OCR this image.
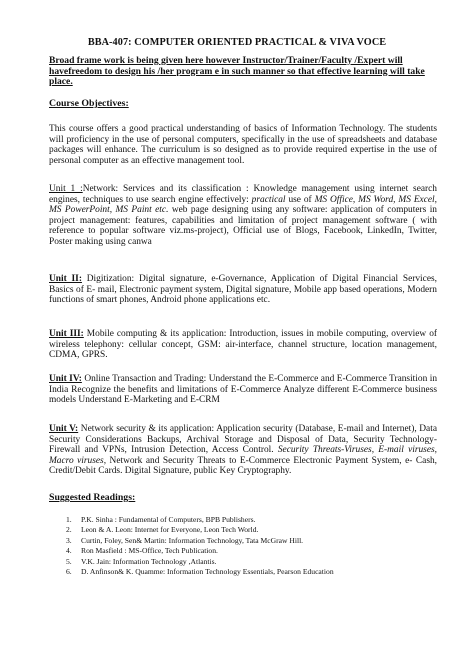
BBA-407: COMPUTER ORIENTED PRACTICAL & VIVA VOCE
Broad frame work is being given here however Instructor/Trainer/Faculty /Expert will havefreedom to design his /her program e in such manner so that effective learning will take place.
Course Objectives:
This course offers a good practical understanding of basics of Information Technology. The students will proficiency in the use of personal computers, specifically in the use of spreadsheets and database packages will enhance. The curriculum is so designed as to provide required expertise in the use of personal computer as an effective management tool.
Unit 1 :Network: Services and its classification : Knowledge management using internet search engines, techniques to use search engine effectively: practical use of MS Office, MS Word, MS Excel, MS PowerPoint, MS Paint etc. web page designing using any software: application of computers in project management: features, capabilities and limitation of project management software ( with reference to popular software viz.ms-project), Official use of Blogs, Facebook, LinkedIn, Twitter, Poster making using canwa
Unit II: Digitization: Digital signature, e-Governance, Application of Digital Financial Services, Basics of E- mail, Electronic payment system, Digital signature, Mobile app based operations, Modern functions of smart phones, Android phone applications etc.
Unit III: Mobile computing & its application: Introduction, issues in mobile computing, overview of wireless telephony: cellular concept, GSM: air-interface, channel structure, location management, CDMA, GPRS.
Unit IV: Online Transaction and Trading: Understand the E-Commerce and E-Commerce Transition in India Recognize the benefits and limitations of E-Commerce Analyze different E-Commerce business models Understand E-Marketing and E-CRM
Unit V: Network security & its application: Application security (Database, E-mail and Internet), Data Security Considerations Backups, Archival Storage and Disposal of Data, Security Technology- Firewall and VPNs, Intrusion Detection, Access Control. Security Threats-Viruses, E-mail viruses, Macro viruses, Network and Security Threats to E-Commerce Electronic Payment System, e- Cash, Credit/Debit Cards. Digital Signature, public Key Cryptography.
Suggested Readings:
1.	P.K. Sinha : Fundamental of Computers, BPB Publishers.
2.	Leon & A. Leon: Internet for Everyone, Leon Tech World.
3.	Curtin, Foley, Sen& Martin: Information Technology, Tata McGraw Hill.
4.	Ron Masfield : MS-Office, Tech Publication.
5.	V.K. Jain: Information Technology ,Atlantis.
6.	D. Anfinson& K. Quamme: Information Technology Essentials, Pearson Education
